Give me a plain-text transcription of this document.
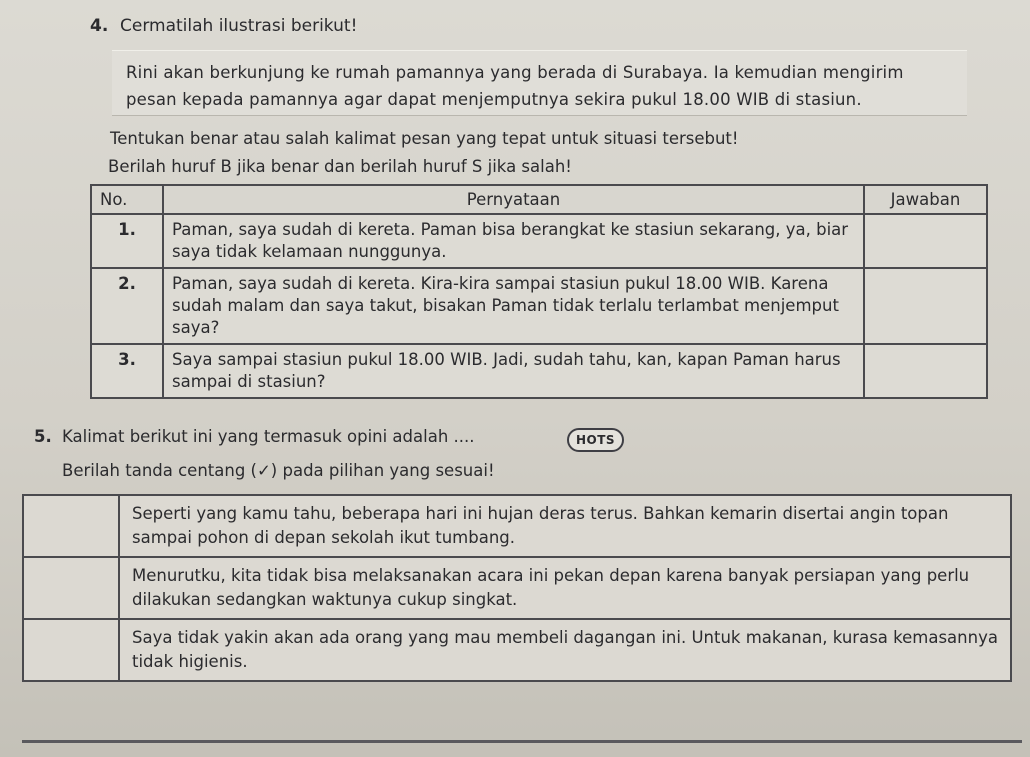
4. Cermatilah ilustrasi berikut!
Rini akan berkunjung ke rumah pamannya yang berada di Surabaya. Ia kemudian mengirim
pesan kepada pamannya agar dapat menjemputnya sekira pukul 18.00 WIB di stasiun.
Tentukan benar atau salah kalimat pesan yang tepat untuk situasi tersebut!
Berilah huruf B jika benar dan berilah huruf S jika salah!
No.	Pernyataan	Jawaban
1.	Paman, saya sudah di kereta. Paman bisa berangkat ke stasiun sekarang, ya, biar saya tidak kelamaan nunggunya.	
2.	Paman, saya sudah di kereta. Kira-kira sampai stasiun pukul 18.00 WIB. Karena sudah malam dan saya takut, bisakan Paman tidak terlalu terlambat menjemput saya?	
3.	Saya sampai stasiun pukul 18.00 WIB. Jadi, sudah tahu, kan, kapan Paman harus sampai di stasiun?	
5. Kalimat berikut ini yang termasuk opini adalah ....	HOTS
Berilah tanda centang (✓) pada pilihan yang sesuai!
	Seperti yang kamu tahu, beberapa hari ini hujan deras terus. Bahkan kemarin disertai angin topan sampai pohon di depan sekolah ikut tumbang.
	Menurutku, kita tidak bisa melaksanakan acara ini pekan depan karena banyak persiapan yang perlu dilakukan sedangkan waktunya cukup singkat.
	Saya tidak yakin akan ada orang yang mau membeli dagangan ini. Untuk makanan, kurasa kemasannya tidak higienis.
